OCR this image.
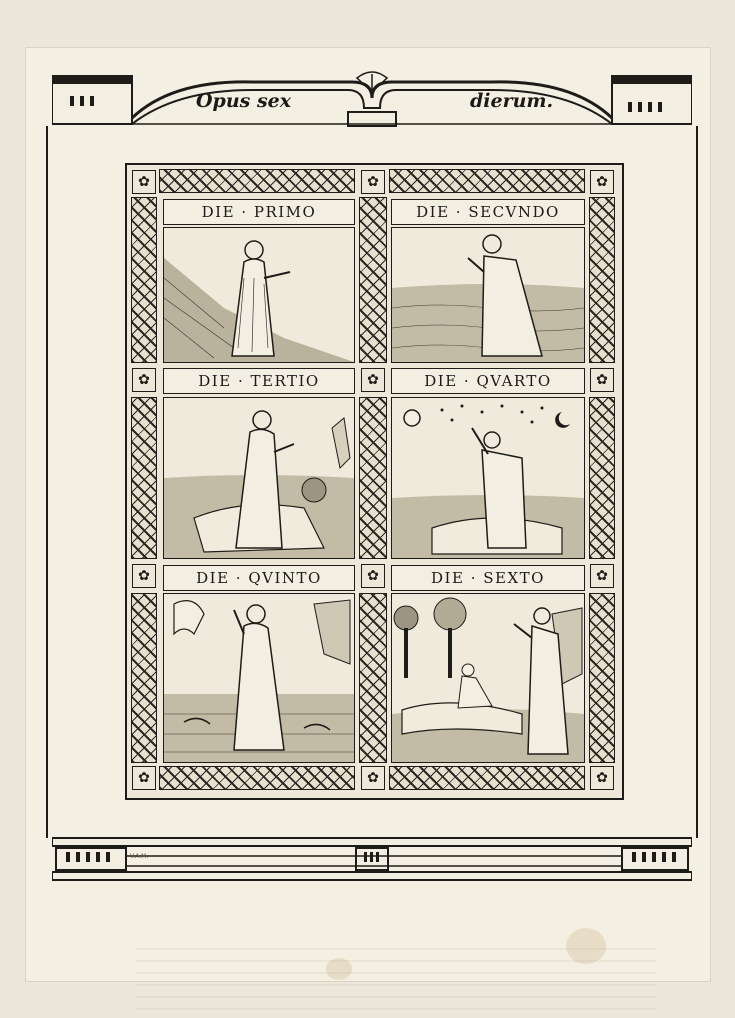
Opus sex	dierum.
✿	✿	✿
✿	✿	✿
✿	✿	✿
✿	✿	✿
DIE · PRIMO	DIE · SECVNDO
DIE · TERTIO	DIE · QVARTO
DIE · QVINTO	DIE · SEXTO
V.A.M.
